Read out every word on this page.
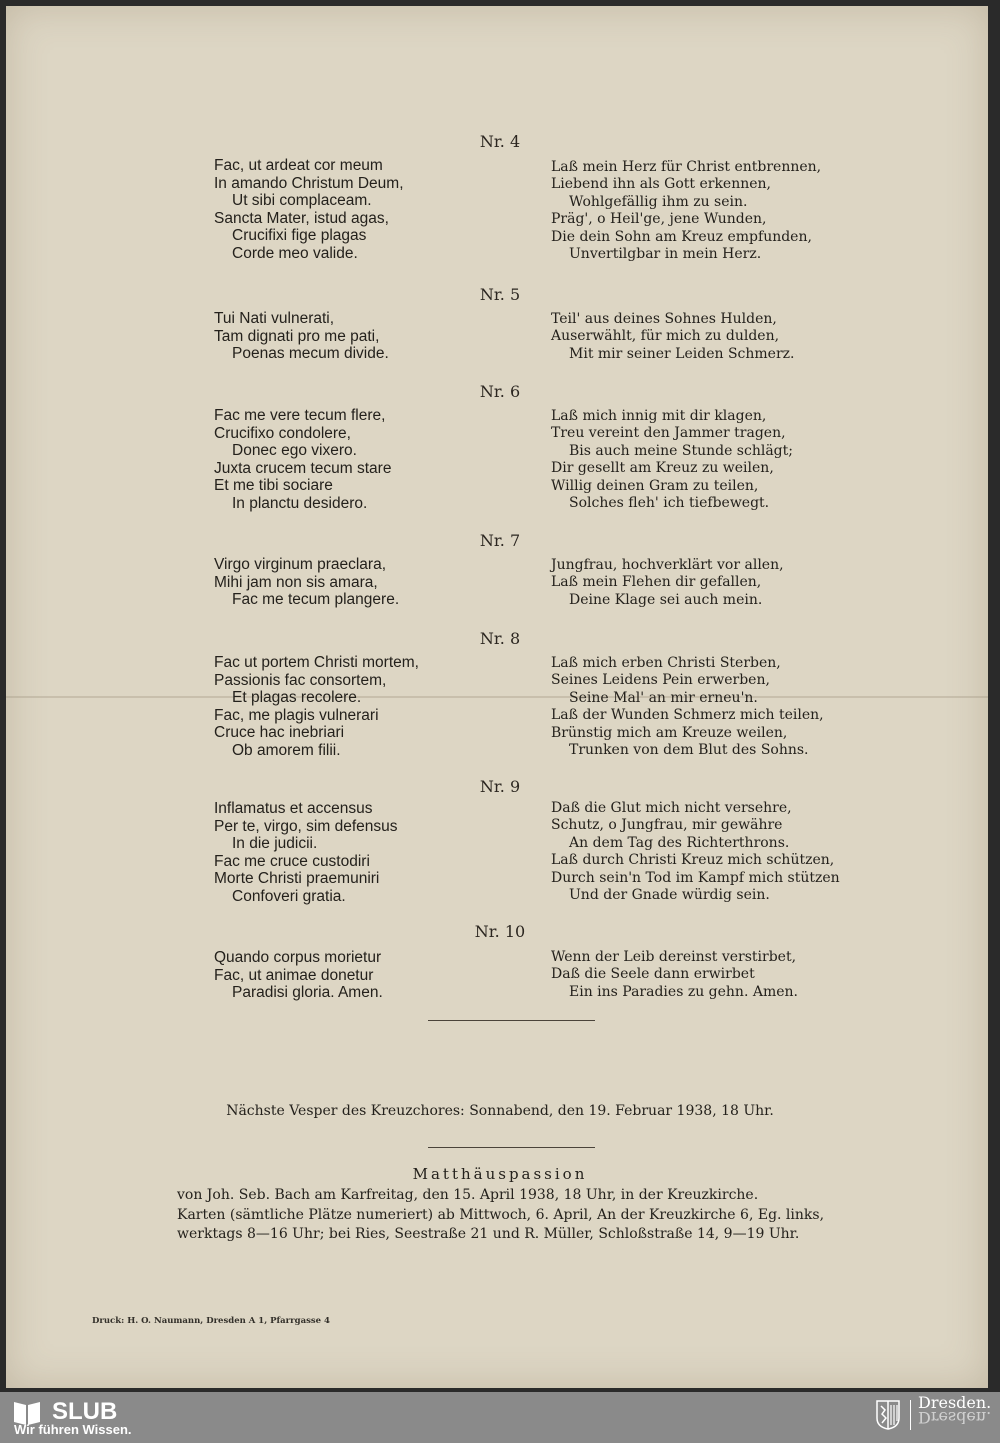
Nr. 4
Fac, ut ardeat cor meum
In amando Christum Deum,
Ut sibi complaceam.
Sancta Mater, istud agas,
Crucifixi fige plagas
Corde meo valide.
Laß mein Herz für Christ entbrennen,
Liebend ihn als Gott erkennen,
Wohlgefällig ihm zu sein.
Präg', o Heil'ge, jene Wunden,
Die dein Sohn am Kreuz empfunden,
Unvertilgbar in mein Herz.
Nr. 5
Tui Nati vulnerati,
Tam dignati pro me pati,
Poenas mecum divide.
Teil' aus deines Sohnes Hulden,
Auserwählt, für mich zu dulden,
Mit mir seiner Leiden Schmerz.
Nr. 6
Fac me vere tecum flere,
Crucifixo condolere,
Donec ego vixero.
Juxta crucem tecum stare
Et me tibi sociare
In planctu desidero.
Laß mich innig mit dir klagen,
Treu vereint den Jammer tragen,
Bis auch meine Stunde schlägt;
Dir gesellt am Kreuz zu weilen,
Willig deinen Gram zu teilen,
Solches fleh' ich tiefbewegt.
Nr. 7
Virgo virginum praeclara,
Mihi jam non sis amara,
Fac me tecum plangere.
Jungfrau, hochverklärt vor allen,
Laß mein Flehen dir gefallen,
Deine Klage sei auch mein.
Nr. 8
Fac ut portem Christi mortem,
Passionis fac consortem,
Et plagas recolere.
Fac, me plagis vulnerari
Cruce hac inebriari
Ob amorem filii.
Laß mich erben Christi Sterben,
Seines Leidens Pein erwerben,
Seine Mal' an mir erneu'n.
Laß der Wunden Schmerz mich teilen,
Brünstig mich am Kreuze weilen,
Trunken von dem Blut des Sohns.
Nr. 9
Inflamatus et accensus
Per te, virgo, sim defensus
In die judicii.
Fac me cruce custodiri
Morte Christi praemuniri
Confoveri gratia.
Daß die Glut mich nicht versehre,
Schutz, o Jungfrau, mir gewähre
An dem Tag des Richterthrons.
Laß durch Christi Kreuz mich schützen,
Durch sein'n Tod im Kampf mich stützen
Und der Gnade würdig sein.
Nr. 10
Quando corpus morietur
Fac, ut animae donetur
Paradisi gloria. Amen.
Wenn der Leib dereinst verstirbet,
Daß die Seele dann erwirbet
Ein ins Paradies zu gehn. Amen.
Nächste Vesper des Kreuzchores: Sonnabend, den 19. Februar 1938, 18 Uhr.
Matthäuspassion
von Joh. Seb. Bach am Karfreitag, den 15. April 1938, 18 Uhr, in der Kreuzkirche.
Karten (sämtliche Plätze numeriert) ab Mittwoch, 6. April, An der Kreuzkirche 6, Eg. links,
werktags 8—16 Uhr; bei Ries, Seestraße 21 und R. Müller, Schloßstraße 14, 9—19 Uhr.
Druck: H. O. Naumann, Dresden A 1, Pfarrgasse 4
SLUB
Wir führen Wissen.
Dresden.
Dresden.
